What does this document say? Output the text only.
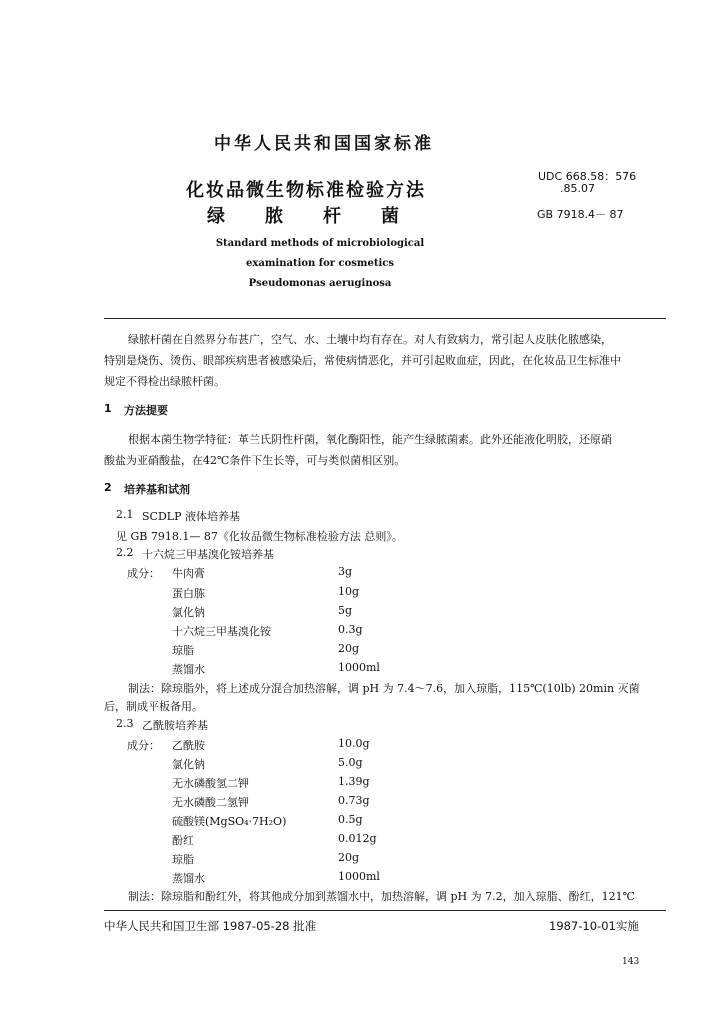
中华人民共和国国家标准
化妆品微生物标准检验方法
绿 脓 杆 菌
UDC 668.58：576
.85.07
GB 7918.4－ 87
Standard methods of microbiological
examination for cosmetics
Pseudomonas aeruginosa
绿脓杆菌在自然界分布甚广，空气、水、土壤中均有存在。对人有致病力，常引起人皮肤化脓感染，
特别是烧伤、烫伤、眼部疾病患者被感染后，常使病情恶化，并可引起败血症，因此，在化妆品卫生标准中
规定不得检出绿脓杆菌。
1 方法提要
根据本菌生物学特征：革兰氏阴性杆菌，氧化酶阳性，能产生绿脓菌素。此外还能液化明胶，还原硝
酸盐为亚硝酸盐，在42℃条件下生长等，可与类似菌相区别。
2 培养基和试剂
2.1 SCDLP 液体培养基
见 GB 7918.1— 87《化妆品微生物标准检验方法 总则》。
2.2 十六烷三甲基溴化铵培养基
成分： 牛肉膏	3g
蛋白胨	10g
氯化钠	5g
十六烷三甲基溴化铵	0.3g
琼脂	20g
蒸馏水	1000ml
制法：除琼脂外，将上述成分混合加热溶解，调 pH 为 7.4～7.6，加入琼脂，115℃(10lb) 20min 灭菌
后，制成平板备用。
2.3 乙酰胺培养基
成分： 乙酰胺	10.0g
氯化钠	5.0g
无水磷酸氢二钾	1.39g
无水磷酸二氢钾	0.73g
硫酸镁(MgSO₄·7H₂O)	0.5g
酚红	0.012g
琼脂	20g
蒸馏水	1000ml
制法：除琼脂和酚红外，将其他成分加到蒸馏水中，加热溶解，调 pH 为 7.2，加入琼脂、酚红，121℃
中华人民共和国卫生部 1987-05-28 批准	1987-10-01实施
143
